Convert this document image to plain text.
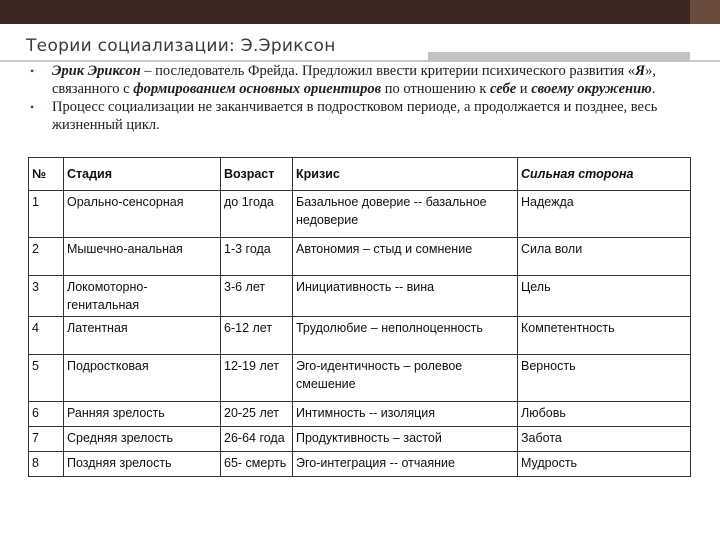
Теории социализации: Э.Эриксон
• Эрик Эриксон – последователь Фрейда. Предложил ввести критерии психического развития «Я», связанного с формированием основных ориентиров по отношению к себе и своему окружению.
• Процесс социализации не заканчивается в подростковом периоде, а продолжается и позднее, весь жизненный цикл.
№	Стадия	Возраст	Кризис	Сильная сторона
1	Орально-сенсорная	до 1года	Базальное доверие -- базальное недоверие	Надежда
2	Мышечно-анальная	1-3 года	Автономия – стыд и сомнение	Сила воли
3	Локомоторно-генитальная	3-6 лет	Инициативность -- вина	Цель
4	Латентная	6-12 лет	Трудолюбие – неполноценность	Компетентность
5	Подростковая	12-19 лет	Эго-идентичность – ролевое смешение	Верность
6	Ранняя зрелость	20-25 лет	Интимность -- изоляция	Любовь
7	Средняя зрелость	26-64 года	Продуктивность – застой	Забота
8	Поздняя зрелость	65- смерть	Эго-интеграция -- отчаяние	Мудрость
